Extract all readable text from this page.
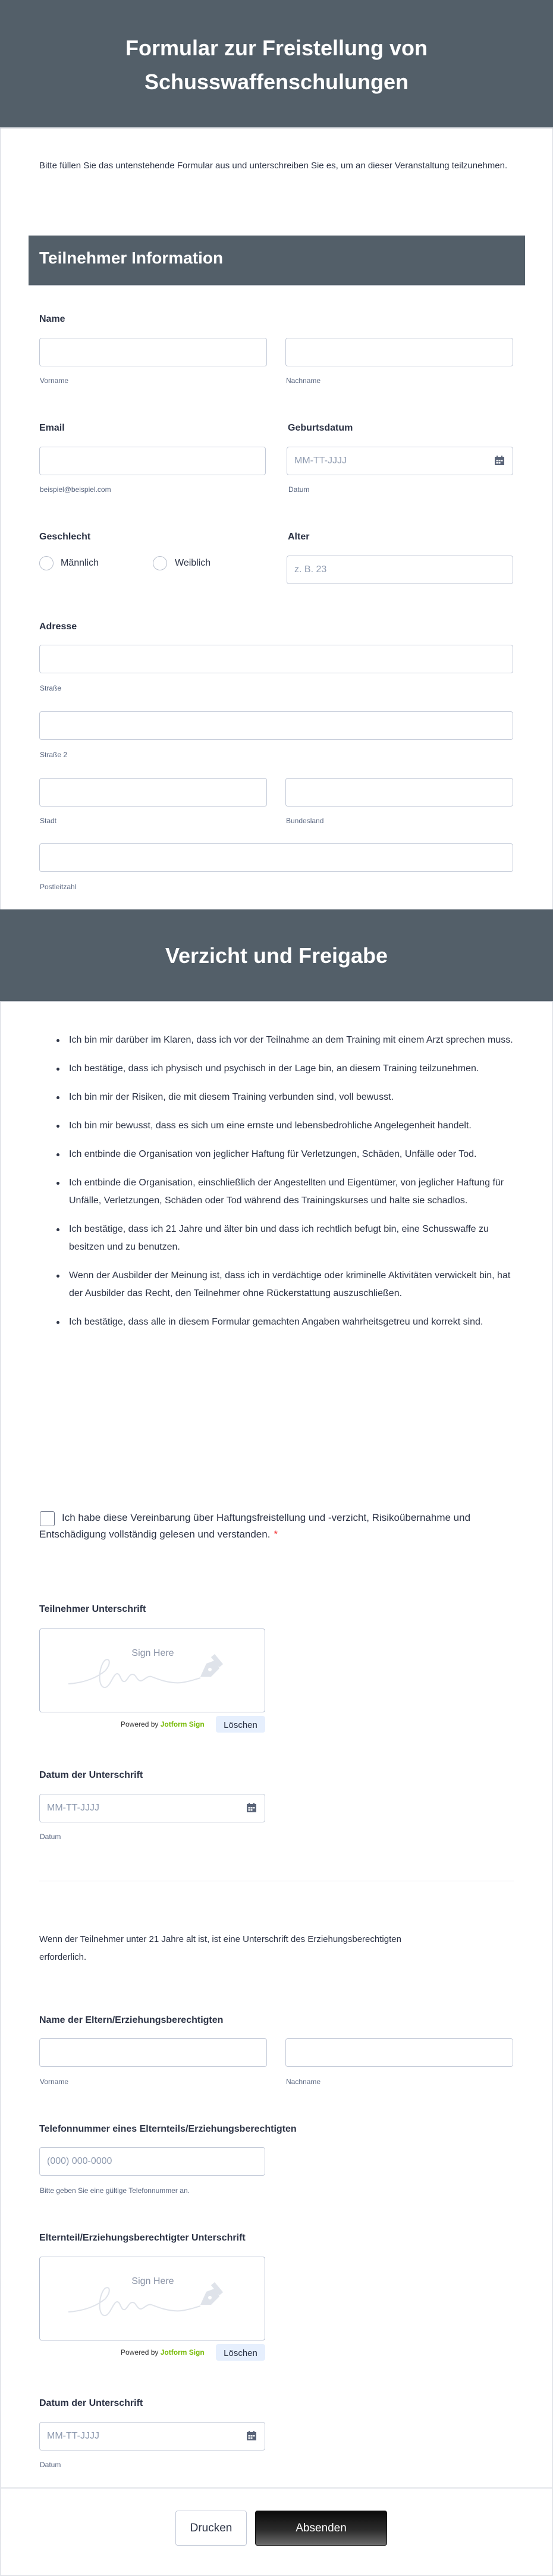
Formular zur Freistellung von
Schusswaffenschulungen
Bitte füllen Sie das untenstehende Formular aus und unterschreiben Sie es, um an dieser Veranstaltung teilzunehmen.
Teilnehmer Information
Name
Vorname	Nachname
Email
beispiel@beispiel.com
Geburtsdatum
MM-TT-JJJJ
Datum
Geschlecht
Männlich	Weiblich
Alter
z. B. 23
Adresse
Straße
Straße 2
Stadt	Bundesland
Postleitzahl
Verzicht und Freigabe
Ich bin mir darüber im Klaren, dass ich vor der Teilnahme an dem Training mit einem Arzt sprechen muss.
Ich bestätige, dass ich physisch und psychisch in der Lage bin, an diesem Training teilzunehmen.
Ich bin mir der Risiken, die mit diesem Training verbunden sind, voll bewusst.
Ich bin mir bewusst, dass es sich um eine ernste und lebensbedrohliche Angelegenheit handelt.
Ich entbinde die Organisation von jeglicher Haftung für Verletzungen, Schäden, Unfälle oder Tod.
Ich entbinde die Organisation, einschließlich der Angestellten und Eigentümer, von jeglicher Haftung für Unfälle, Verletzungen, Schäden oder Tod während des Trainingskurses und halte sie schadlos.
Ich bestätige, dass ich 21 Jahre und älter bin und dass ich rechtlich befugt bin, eine Schusswaffe zu besitzen und zu benutzen.
Wenn der Ausbilder der Meinung ist, dass ich in verdächtige oder kriminelle Aktivitäten verwickelt bin, hat der Ausbilder das Recht, den Teilnehmer ohne Rückerstattung auszuschließen.
Ich bestätige, dass alle in diesem Formular gemachten Angaben wahrheitsgetreu und korrekt sind.
Ich habe diese Vereinbarung über Haftungsfreistellung und -verzicht, Risikoübernahme und Entschädigung vollständig gelesen und verstanden. *
Teilnehmer Unterschrift
Sign Here
Powered by Jotform Sign	Löschen
Datum der Unterschrift
MM-TT-JJJJ
Datum
Wenn der Teilnehmer unter 21 Jahre alt ist, ist eine Unterschrift des Erziehungsberechtigten erforderlich.
Name der Eltern/Erziehungsberechtigten
Vorname	Nachname
Telefonnummer eines Elternteils/Erziehungsberechtigten
(000) 000-0000
Bitte geben Sie eine gültige Telefonnummer an.
Elternteil/Erziehungsberechtigter Unterschrift
Sign Here
Powered by Jotform Sign	Löschen
Datum der Unterschrift
MM-TT-JJJJ
Datum
Drucken	Absenden
